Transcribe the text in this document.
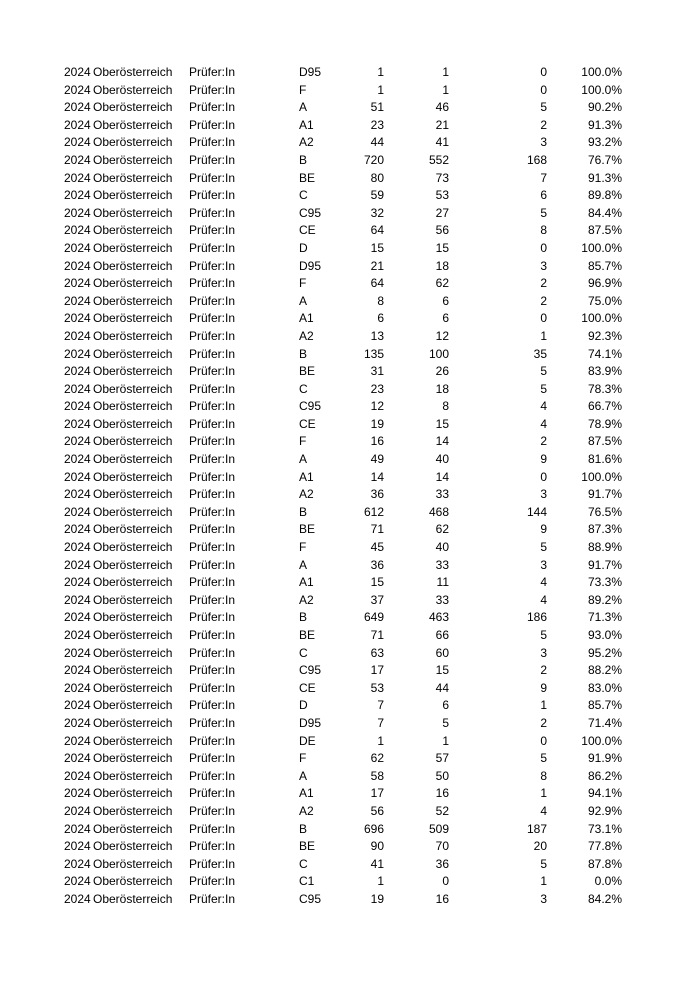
2024 Oberösterreich Prüfer:In	D95	1	1	0	100.0%
2024 Oberösterreich Prüfer:In	F	1	1	0	100.0%
2024 Oberösterreich Prüfer:In	A	51	46	5	90.2%
2024 Oberösterreich Prüfer:In	A1	23	21	2	91.3%
2024 Oberösterreich Prüfer:In	A2	44	41	3	93.2%
2024 Oberösterreich Prüfer:In	B	720	552	168	76.7%
2024 Oberösterreich Prüfer:In	BE	80	73	7	91.3%
2024 Oberösterreich Prüfer:In	C	59	53	6	89.8%
2024 Oberösterreich Prüfer:In	C95	32	27	5	84.4%
2024 Oberösterreich Prüfer:In	CE	64	56	8	87.5%
2024 Oberösterreich Prüfer:In	D	15	15	0	100.0%
2024 Oberösterreich Prüfer:In	D95	21	18	3	85.7%
2024 Oberösterreich Prüfer:In	F	64	62	2	96.9%
2024 Oberösterreich Prüfer:In	A	8	6	2	75.0%
2024 Oberösterreich Prüfer:In	A1	6	6	0	100.0%
2024 Oberösterreich Prüfer:In	A2	13	12	1	92.3%
2024 Oberösterreich Prüfer:In	B	135	100	35	74.1%
2024 Oberösterreich Prüfer:In	BE	31	26	5	83.9%
2024 Oberösterreich Prüfer:In	C	23	18	5	78.3%
2024 Oberösterreich Prüfer:In	C95	12	8	4	66.7%
2024 Oberösterreich Prüfer:In	CE	19	15	4	78.9%
2024 Oberösterreich Prüfer:In	F	16	14	2	87.5%
2024 Oberösterreich Prüfer:In	A	49	40	9	81.6%
2024 Oberösterreich Prüfer:In	A1	14	14	0	100.0%
2024 Oberösterreich Prüfer:In	A2	36	33	3	91.7%
2024 Oberösterreich Prüfer:In	B	612	468	144	76.5%
2024 Oberösterreich Prüfer:In	BE	71	62	9	87.3%
2024 Oberösterreich Prüfer:In	F	45	40	5	88.9%
2024 Oberösterreich Prüfer:In	A	36	33	3	91.7%
2024 Oberösterreich Prüfer:In	A1	15	11	4	73.3%
2024 Oberösterreich Prüfer:In	A2	37	33	4	89.2%
2024 Oberösterreich Prüfer:In	B	649	463	186	71.3%
2024 Oberösterreich Prüfer:In	BE	71	66	5	93.0%
2024 Oberösterreich Prüfer:In	C	63	60	3	95.2%
2024 Oberösterreich Prüfer:In	C95	17	15	2	88.2%
2024 Oberösterreich Prüfer:In	CE	53	44	9	83.0%
2024 Oberösterreich Prüfer:In	D	7	6	1	85.7%
2024 Oberösterreich Prüfer:In	D95	7	5	2	71.4%
2024 Oberösterreich Prüfer:In	DE	1	1	0	100.0%
2024 Oberösterreich Prüfer:In	F	62	57	5	91.9%
2024 Oberösterreich Prüfer:In	A	58	50	8	86.2%
2024 Oberösterreich Prüfer:In	A1	17	16	1	94.1%
2024 Oberösterreich Prüfer:In	A2	56	52	4	92.9%
2024 Oberösterreich Prüfer:In	B	696	509	187	73.1%
2024 Oberösterreich Prüfer:In	BE	90	70	20	77.8%
2024 Oberösterreich Prüfer:In	C	41	36	5	87.8%
2024 Oberösterreich Prüfer:In	C1	1	0	1	0.0%
2024 Oberösterreich Prüfer:In	C95	19	16	3	84.2%
